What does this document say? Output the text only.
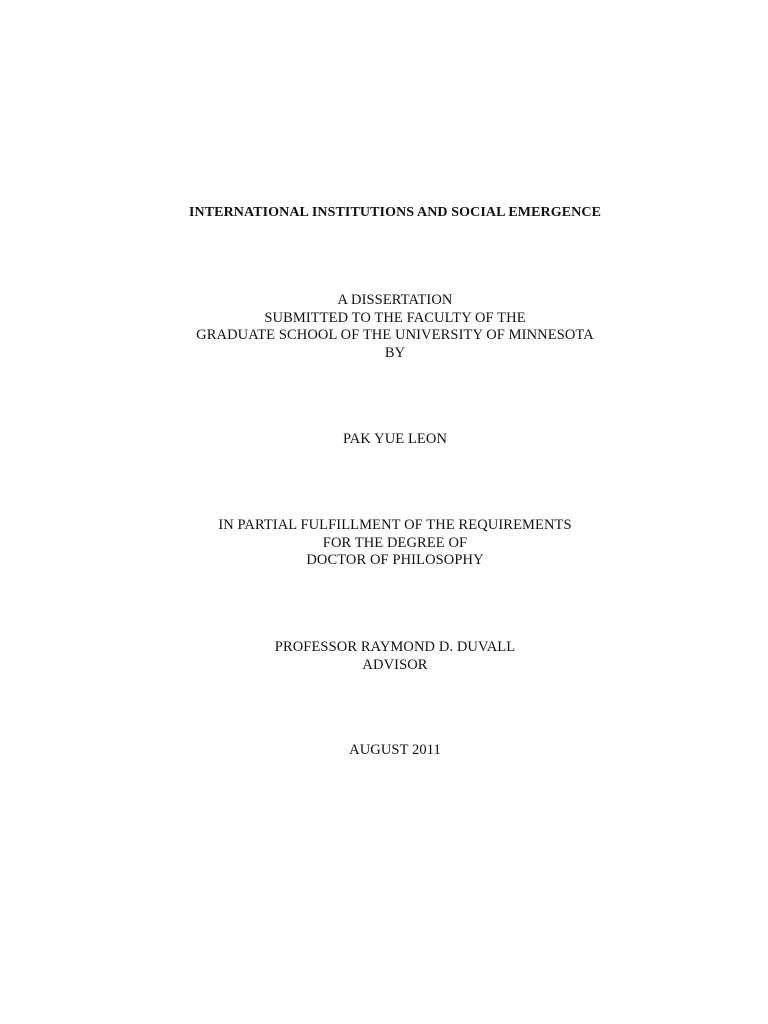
INTERNATIONAL INSTITUTIONS AND SOCIAL EMERGENCE
A DISSERTATION
SUBMITTED TO THE FACULTY OF THE
GRADUATE SCHOOL OF THE UNIVERSITY OF MINNESOTA
BY
PAK YUE LEON
IN PARTIAL FULFILLMENT OF THE REQUIREMENTS
FOR THE DEGREE OF
DOCTOR OF PHILOSOPHY
PROFESSOR RAYMOND D. DUVALL
ADVISOR
AUGUST 2011
